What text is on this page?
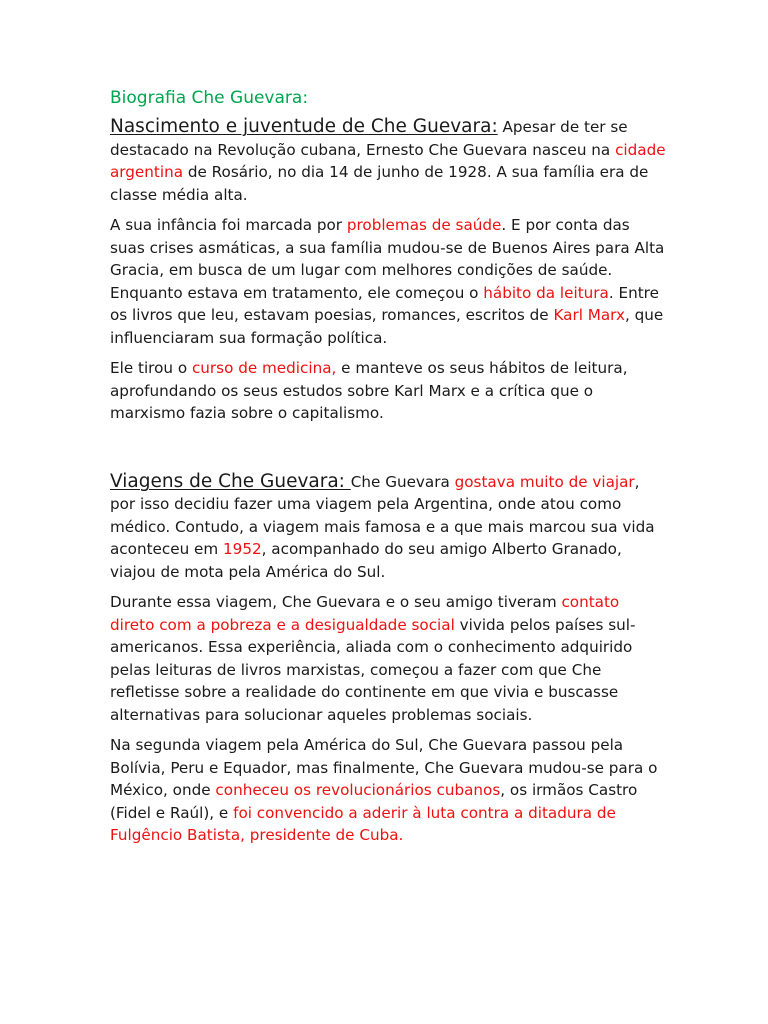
Biografia Che Guevara:

Nascimento e juventude de Che Guevara: Apesar de ter se destacado na Revolução cubana, Ernesto Che Guevara nasceu na cidade argentina de Rosário, no dia 14 de junho de 1928. A sua família era de classe média alta.

A sua infância foi marcada por problemas de saúde. E por conta das suas crises asmáticas, a sua família mudou-se de Buenos Aires para Alta Gracia, em busca de um lugar com melhores condições de saúde. Enquanto estava em tratamento, ele começou o hábito da leitura. Entre os livros que leu, estavam poesias, romances, escritos de Karl Marx, que influenciaram sua formação política.

Ele tirou o curso de medicina, e manteve os seus hábitos de leitura, aprofundando os seus estudos sobre Karl Marx e a crítica que o marxismo fazia sobre o capitalismo.

Viagens de Che Guevara: Che Guevara gostava muito de viajar, por isso decidiu fazer uma viagem pela Argentina, onde atou como médico. Contudo, a viagem mais famosa e a que mais marcou sua vida aconteceu em 1952, acompanhado do seu amigo Alberto Granado, viajou de mota pela América do Sul.

Durante essa viagem, Che Guevara e o seu amigo tiveram contato direto com a pobreza e a desigualdade social vivida pelos países sul-americanos. Essa experiência, aliada com o conhecimento adquirido pelas leituras de livros marxistas, começou a fazer com que Che refletisse sobre a realidade do continente em que vivia e buscasse alternativas para solucionar aqueles problemas sociais.

Na segunda viagem pela América do Sul, Che Guevara passou pela Bolívia, Peru e Equador, mas finalmente, Che Guevara mudou-se para o México, onde conheceu os revolucionários cubanos, os irmãos Castro (Fidel e Raúl), e foi convencido a aderir à luta contra a ditadura de Fulgêncio Batista, presidente de Cuba.
